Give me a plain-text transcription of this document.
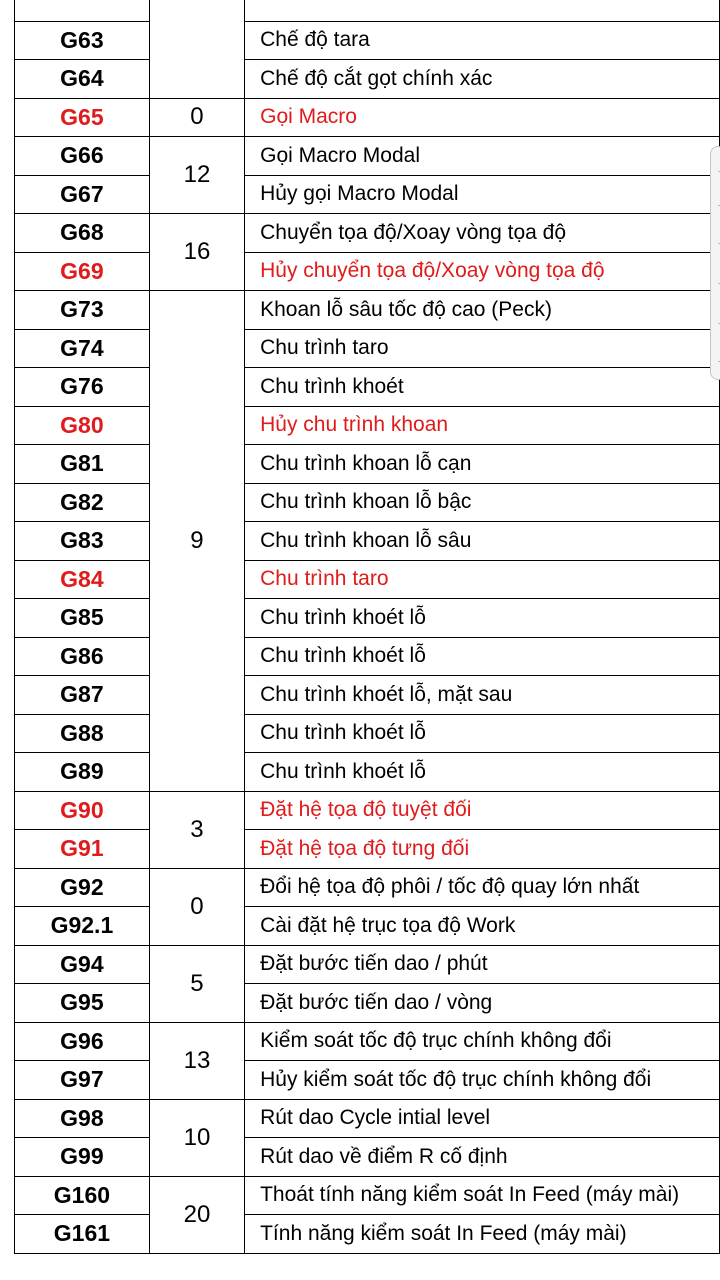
G63		Chế độ tara
G64		Chế độ cắt gọt chính xác
G65	0	Gọi Macro
G66	12	Gọi Macro Modal
G67		Hủy gọi Macro Modal
G68	16	Chuyển tọa độ/Xoay vòng tọa độ
G69		Hủy chuyển tọa độ/Xoay vòng tọa độ
G73	9	Khoan lỗ sâu tốc độ cao (Peck)
G74		Chu trình taro
G76		Chu trình khoét
G80		Hủy chu trình khoan
G81		Chu trình khoan lỗ cạn
G82		Chu trình khoan lỗ bậc
G83		Chu trình khoan lỗ sâu
G84		Chu trình taro
G85		Chu trình khoét lỗ
G86		Chu trình khoét lỗ
G87		Chu trình khoét lỗ, mặt sau
G88		Chu trình khoét lỗ
G89		Chu trình khoét lỗ
G90	3	Đặt hệ tọa độ tuyệt đối
G91		Đặt hệ tọa độ tưng đối
G92	0	Đổi hệ tọa độ phôi / tốc độ quay lớn nhất
G92.1		Cài đặt hệ trục tọa độ Work
G94	5	Đặt bước tiến dao / phút
G95		Đặt bước tiến dao / vòng
G96	13	Kiểm soát tốc độ trục chính không đổi
G97		Hủy kiểm soát tốc độ trục chính không đổi
G98	10	Rút dao Cycle intial level
G99		Rút dao về điểm R cố định
G160	20	Thoát tính năng kiểm soát In Feed (máy mài)
G161		Tính năng kiểm soát In Feed (máy mài)
